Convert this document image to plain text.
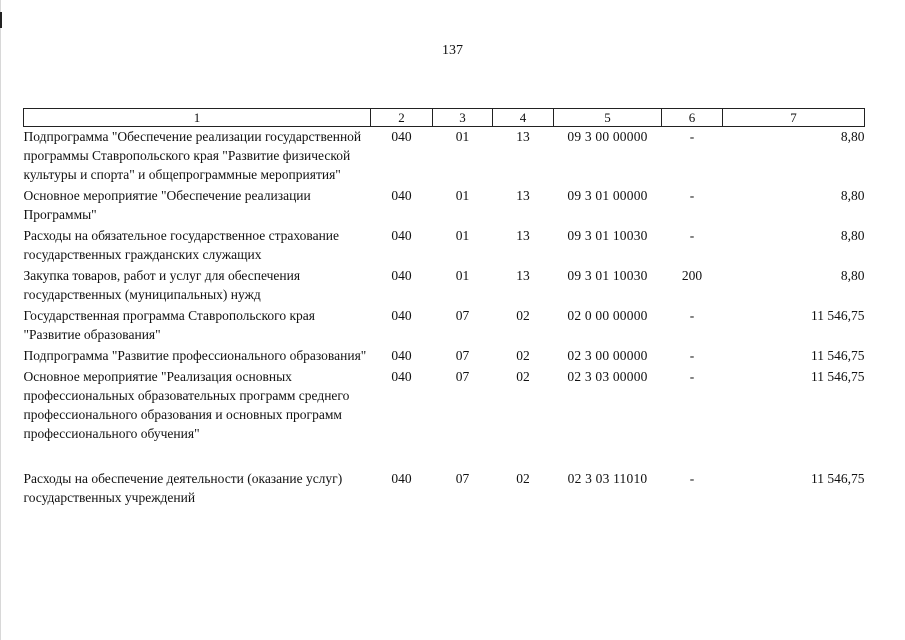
137
1	2	3	4	5	6	7
Подпрограмма "Обеспечение реализации государственной программы Ставропольского края "Развитие физической культуры и спорта" и общепрограммные мероприятия"	040	01	13	09 3 00 00000	-	8,80
Основное мероприятие "Обеспечение реализации Программы"	040	01	13	09 3 01 00000	-	8,80
Расходы на обязательное государственное страхование государственных гражданских служащих	040	01	13	09 3 01 10030	-	8,80
Закупка товаров, работ и услуг для обеспечения государственных (муниципальных) нужд	040	01	13	09 3 01 10030	200	8,80
Государственная программа Ставропольского края "Развитие образования"	040	07	02	02 0 00 00000	-	11 546,75
Подпрограмма "Развитие профессионального образования"	040	07	02	02 3 00 00000	-	11 546,75
Основное мероприятие "Реализация основных профессиональных образовательных программ среднего профессионального образования и основных программ профессионального обучения"	040	07	02	02 3 03 00000	-	11 546,75
Расходы на обеспечение деятельности (оказание услуг) государственных учреждений	040	07	02	02 3 03 11010	-	11 546,75
